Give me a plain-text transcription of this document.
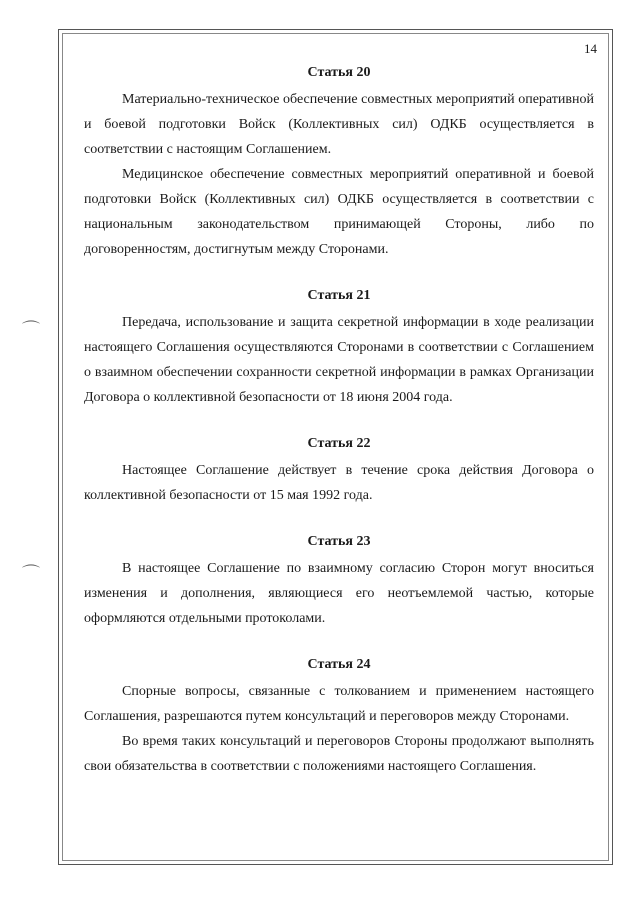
⌒
⌒
14
Статья 20

Материально-техническое обеспечение совместных мероприятий оперативной и боевой подготовки Войск (Коллективных сил) ОДКБ осуществляется в соответствии с настоящим Соглашением.

Медицинское обеспечение совместных мероприятий оперативной и боевой подготовки Войск (Коллективных сил) ОДКБ осуществляется в соответствии с национальным законодательством принимающей Стороны, либо по договоренностям, достигнутым между Сторонами.

Статья 21

Передача, использование и защита секретной информации в ходе реализации настоящего Соглашения осуществляются Сторонами в соответствии с Соглашением о взаимном обеспечении сохранности секретной информации в рамках Организации Договора о коллективной безопасности от 18 июня 2004 года.

Статья 22

Настоящее Соглашение действует в течение срока действия Договора о коллективной безопасности от 15 мая 1992 года.

Статья 23

В настоящее Соглашение по взаимному согласию Сторон могут вноситься изменения и дополнения, являющиеся его неотъемлемой частью, которые оформляются отдельными протоколами.

Статья 24

Спорные вопросы, связанные с толкованием и применением настоящего Соглашения, разрешаются путем консультаций и переговоров между Сторонами.

Во время таких консультаций и переговоров Стороны продолжают выполнять свои обязательства в соответствии с положениями настоящего Соглашения.
